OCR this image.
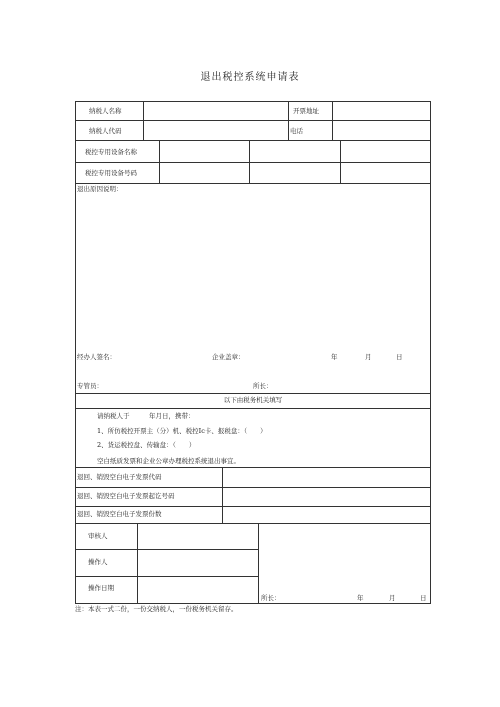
退出税控系统申请表
纳税人名称	开票地址
纳税人代码	电话
税控专用设备名称
税控专用设备号码
退出原因说明：
经办人签名：	企业盖章：	年	月	日
专管员：	所长：
以下由税务机关填写
请纳税人于　　　年月日，携带：
1、所仿税控开票主（分）机、税控Ic卡、报税盘：（　　）
2、货运税控盘、传输盘：（　　）
空白纸质发票和企业公章办理税控系统退出事宜。
退回、销毁空白电子发票代码
退回、销毁空白电子发票起讫号码
退回、销毁空白电子发票份数
审核人
操作人
操作日期
所长：	年	月	日
注：本表一式二份，一份交纳税人，一份税务机关留存。
